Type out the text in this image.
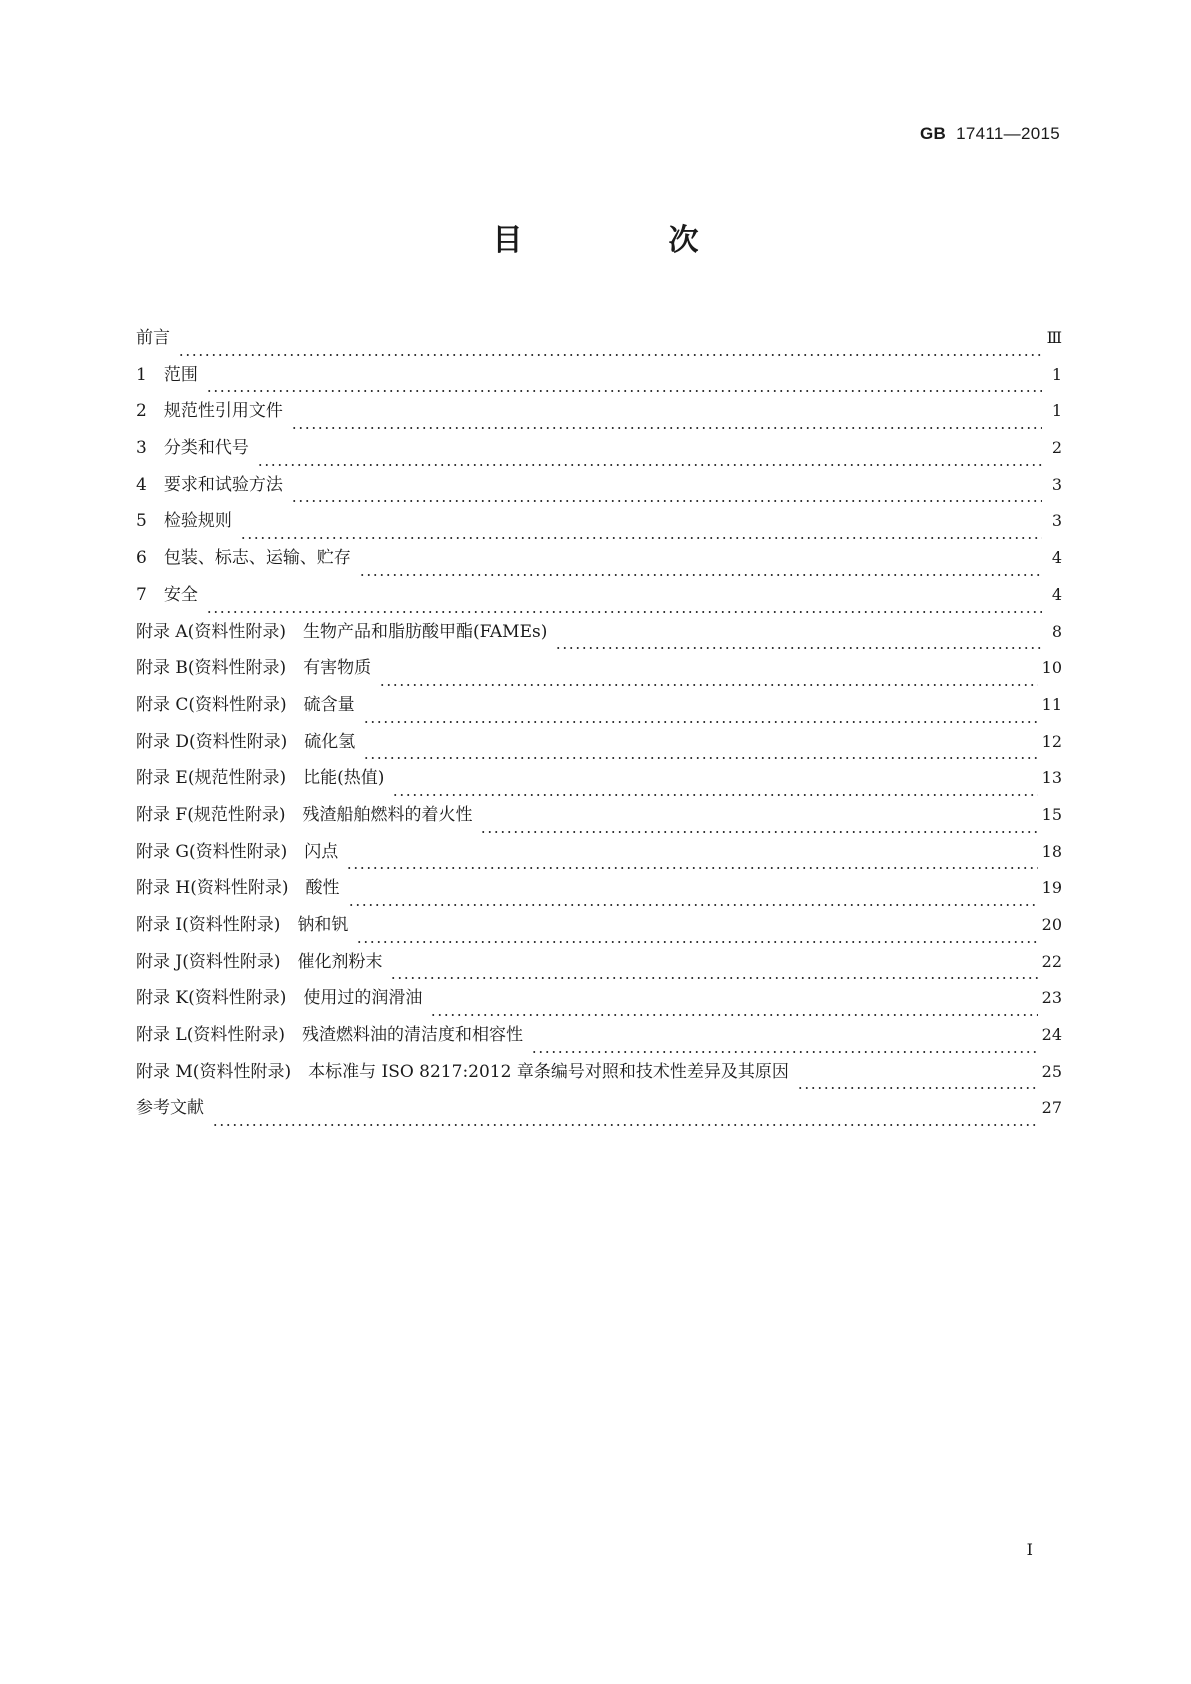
GB 17411—2015
目　次
前言	Ⅲ
1　范围	1
2　规范性引用文件	1
3　分类和代号	2
4　要求和试验方法	3
5　检验规则	3
6　包装、标志、运输、贮存	4
7　安全	4
附录 A(资料性附录)　生物产品和脂肪酸甲酯(FAMEs)	8
附录 B(资料性附录)　有害物质	10
附录 C(资料性附录)　硫含量	11
附录 D(资料性附录)　硫化氢	12
附录 E(规范性附录)　比能(热值)	13
附录 F(规范性附录)　残渣船舶燃料的着火性	15
附录 G(资料性附录)　闪点	18
附录 H(资料性附录)　酸性	19
附录 I(资料性附录)　钠和钒	20
附录 J(资料性附录)　催化剂粉末	22
附录 K(资料性附录)　使用过的润滑油	23
附录 L(资料性附录)　残渣燃料油的清洁度和相容性	24
附录 M(资料性附录)　本标准与 ISO 8217:2012 章条编号对照和技术性差异及其原因	25
参考文献	27
I
